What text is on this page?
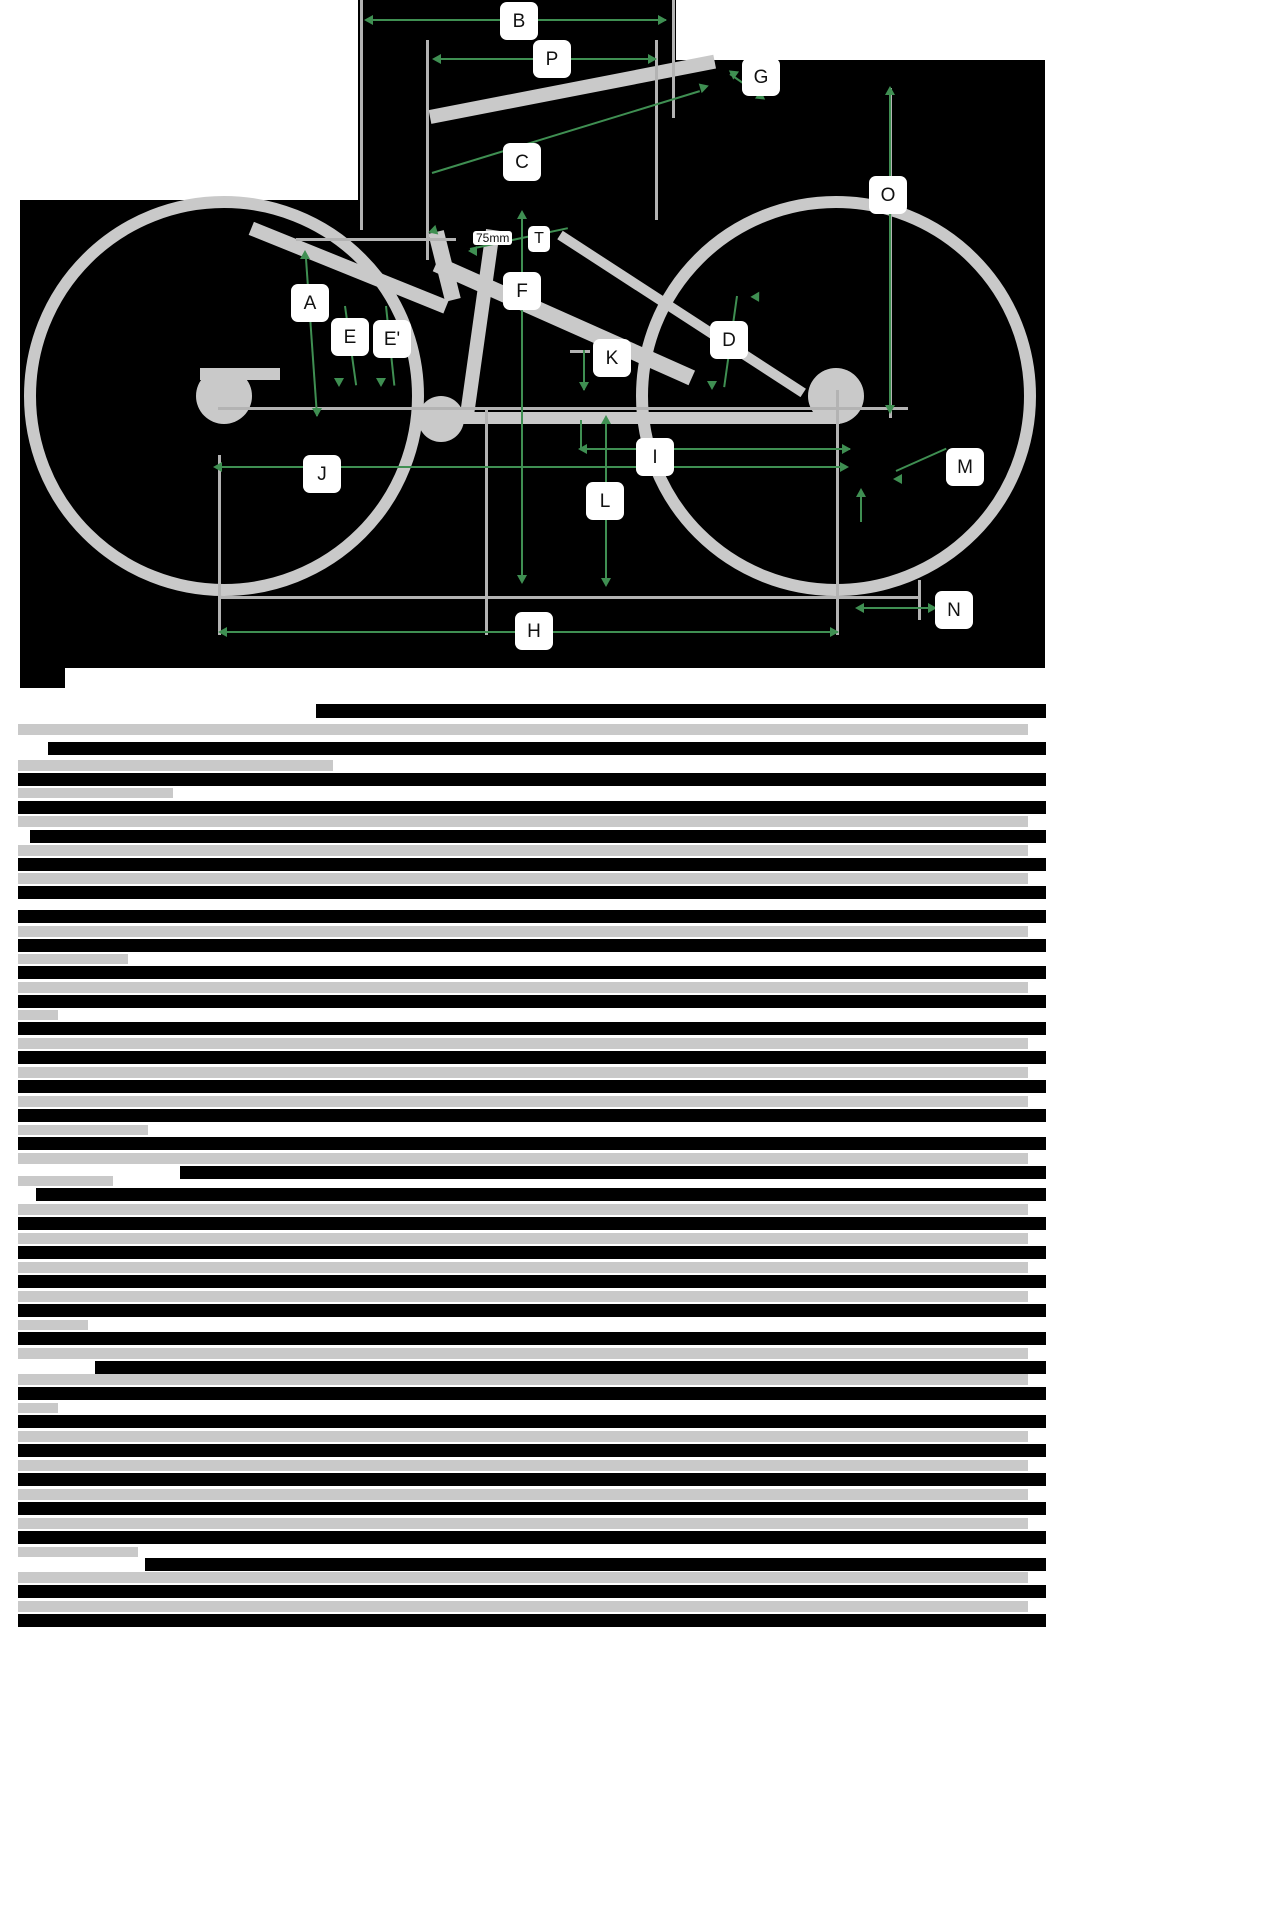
75mm
B
P
C
G
O
A
E E'
F
T
D
K
I
L
J	M
N
H
